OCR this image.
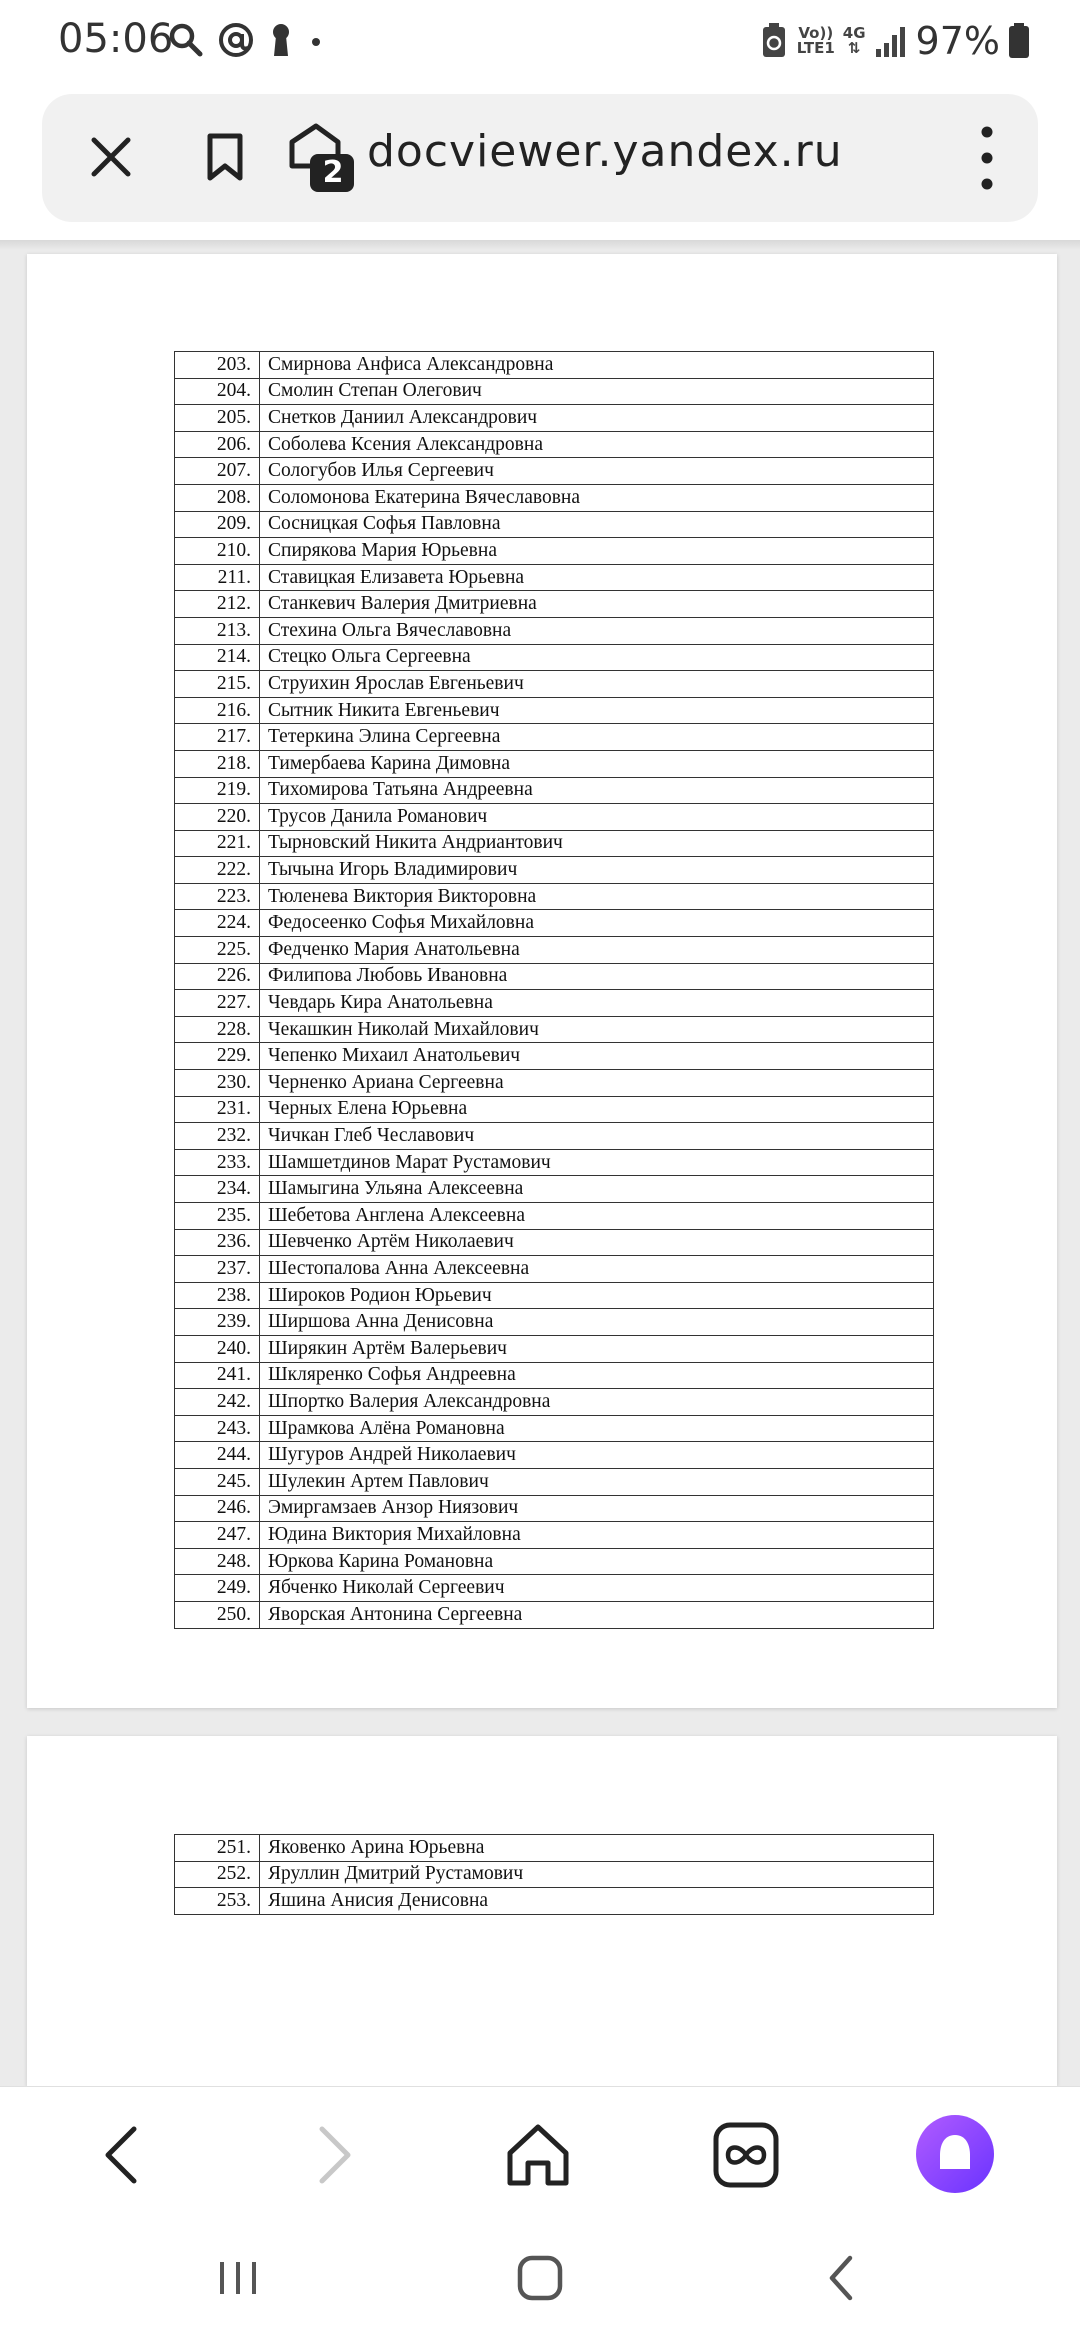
05:06	Vo))
LTE1
4G
⇅ 97%
2 docviewer.yandex.ru
203.	Смирнова Анфиса Александровна
204.	Смолин Степан Олегович
205.	Снетков Даниил Александрович
206.	Соболева Ксения Александровна
207.	Сологубов Илья Сергеевич
208.	Соломонова Екатерина Вячеславовна
209.	Сосницкая Софья Павловна
210.	Спирякова Мария Юрьевна
211.	Ставицкая Елизавета Юрьевна
212.	Станкевич Валерия Дмитриевна
213.	Стехина Ольга Вячеславовна
214.	Стецко Ольга Сергеевна
215.	Струихин Ярослав Евгеньевич
216.	Сытник Никита Евгеньевич
217.	Тетеркина Элина Сергеевна
218.	Тимербаева Карина Димовна
219.	Тихомирова Татьяна Андреевна
220.	Трусов Данила Романович
221.	Тырновский Никита Андриантович
222.	Тычына Игорь Владимирович
223.	Тюленева Виктория Викторовна
224.	Федосеенко Софья Михайловна
225.	Федченко Мария Анатольевна
226.	Филипова Любовь Ивановна
227.	Чевдарь Кира Анатольевна
228.	Чекашкин Николай Михайлович
229.	Чепенко Михаил Анатольевич
230.	Черненко Ариана Сергеевна
231.	Черных Елена Юрьевна
232.	Чичкан Глеб Чеславович
233.	Шамшетдинов Марат Рустамович
234.	Шамыгина Ульяна Алексеевна
235.	Шебетова Англена Алексеевна
236.	Шевченко Артём Николаевич
237.	Шестопалова Анна Алексеевна
238.	Широков Родион Юрьевич
239.	Ширшова Анна Денисовна
240.	Ширякин Артём Валерьевич
241.	Шкляренко Софья Андреевна
242.	Шпортко Валерия Александровна
243.	Шрамкова Алёна Романовна
244.	Шугуров Андрей Николаевич
245.	Шулекин Артем Павлович
246.	Эмиргамзаев Анзор Ниязович
247.	Юдина Виктория Михайловна
248.	Юркова Карина Романовна
249.	Ябченко Николай Сергеевич
250.	Яворская Антонина Сергеевна
251.	Яковенко Арина Юрьевна
252.	Яруллин Дмитрий Рустамович
253.	Яшина Анисия Денисовна
